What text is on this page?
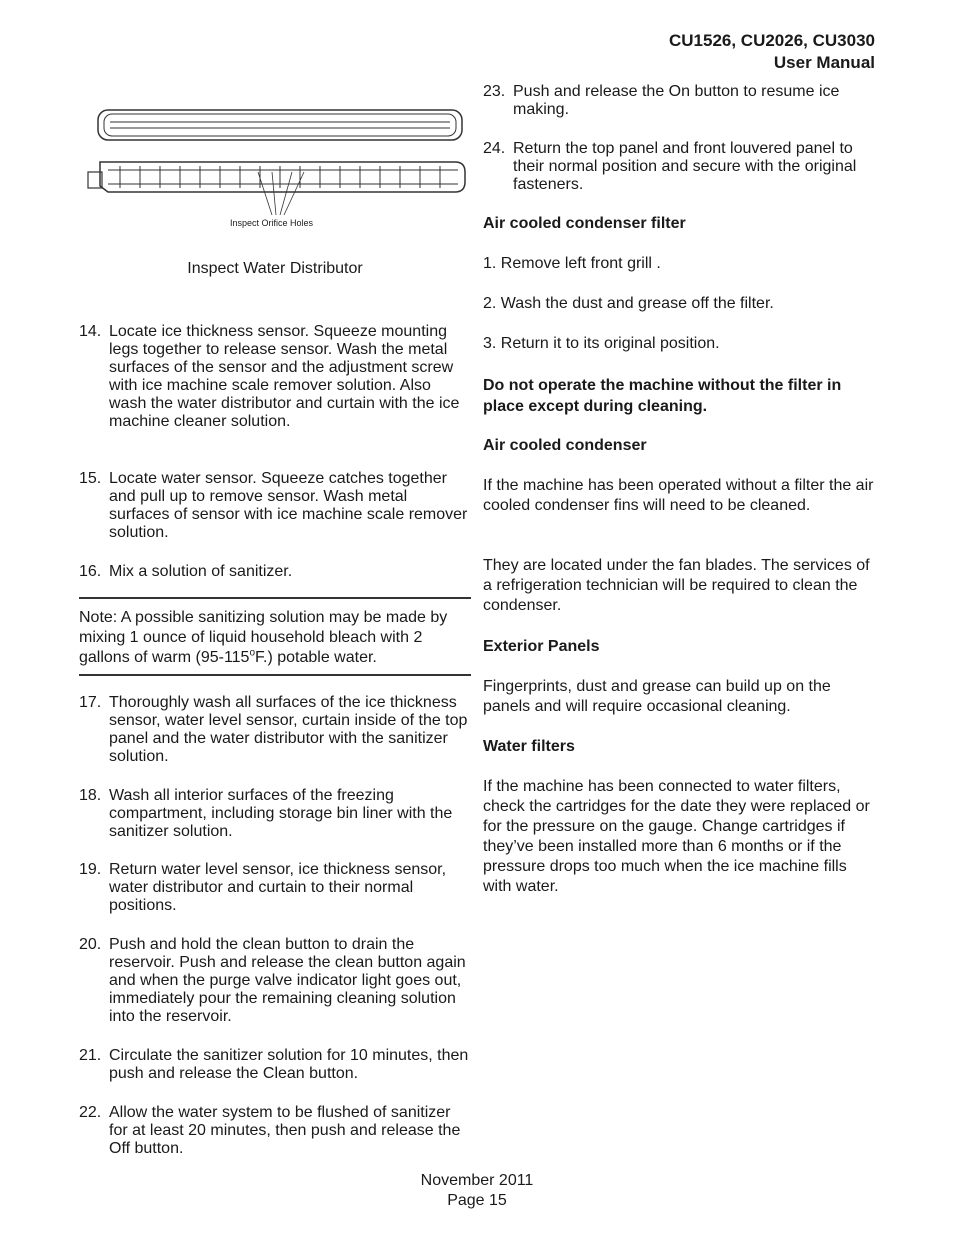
CU1526, CU2026, CU3030
User Manual
Inspect Orifice Holes
Inspect Water Distributor
14. Locate ice thickness sensor. Squeeze mounting legs together to release sensor. Wash the metal surfaces of the sensor and the adjustment screw with ice machine scale remover solution. Also wash the water distributor and curtain with the ice machine cleaner solution.
15. Locate water sensor. Squeeze catches together and pull up to remove sensor. Wash metal surfaces of sensor with ice machine scale remover solution.
16. Mix a solution of sanitizer.
Note: A possible sanitizing solution may be made by mixing 1 ounce of liquid household bleach with 2 gallons of warm (95-115$^o$F.) potable water.
17. Thoroughly wash all surfaces of the ice thickness sensor, water level sensor, curtain inside of the top panel and the water distributor with the sanitizer solution.
18. Wash all interior surfaces of the freezing compartment, including storage bin liner with the sanitizer solution.
19. Return water level sensor, ice thickness sensor, water distributor and curtain to their normal positions.
20. Push and hold the clean button to drain the reservoir. Push and release the clean button again and when the purge valve indicator light goes out, immediately pour the remaining cleaning solution into the reservoir.
21. Circulate the sanitizer solution for 10 minutes, then push and release the Clean button.
22. Allow the water system to be flushed of sanitizer for at least 20 minutes, then push and release the Off button.
23. Push and release the On button to resume ice making.
24. Return the top panel and front louvered panel to their normal position and secure with the original fasteners.
Air cooled condenser filter
1. Remove left front grill .
2. Wash the dust and grease off the filter.
3. Return it to its original position.
Do not operate the machine without the filter in place except during cleaning.
Air cooled condenser
If the machine has been operated without a filter the air cooled condenser fins will need to be cleaned.
They are located under the fan blades. The services of a refrigeration technician will be required to clean the condenser.
Exterior Panels
Fingerprints, dust and grease can build up on the panels and will require occasional cleaning.
Water filters
If the machine has been connected to water filters, check the cartridges for the date they were replaced or for the pressure on the gauge. Change cartridges if they’ve been installed more than 6 months or if the pressure drops too much when the ice machine fills with water.
November 2011
Page 15
